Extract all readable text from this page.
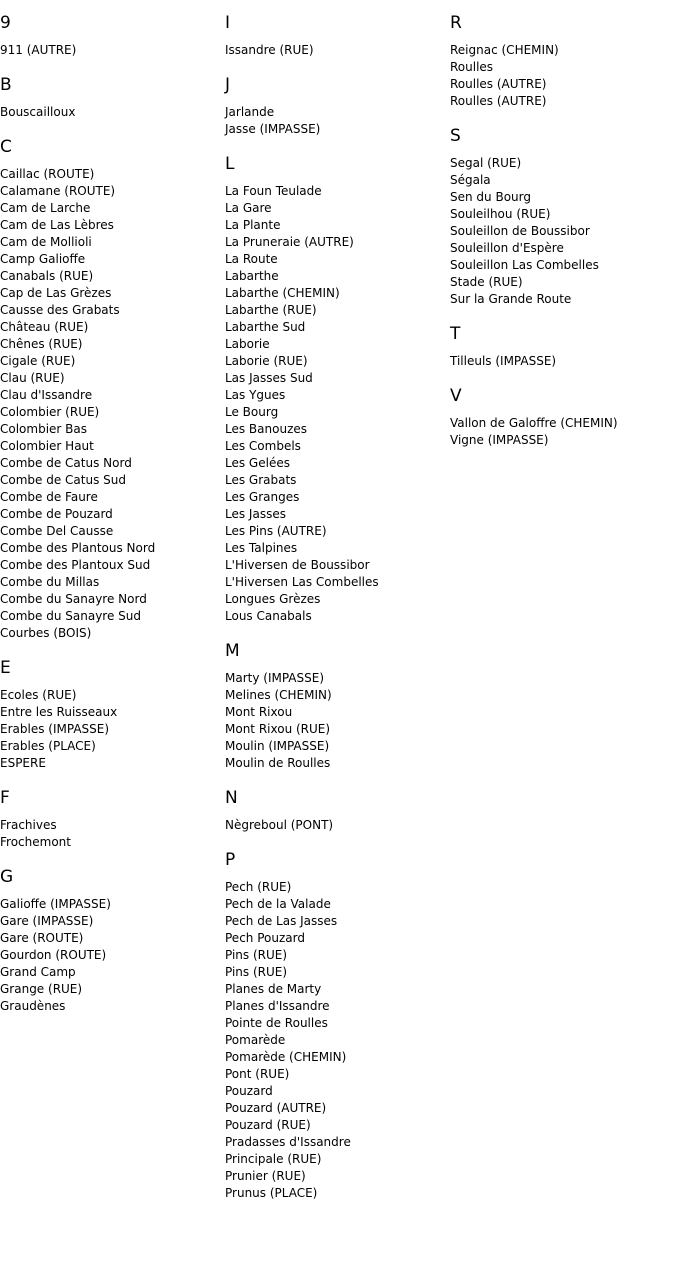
9
911 (AUTRE)
B
Bouscailloux
C
Caillac (ROUTE)
Calamane (ROUTE)
Cam de Larche
Cam de Las Lèbres
Cam de Mollioli
Camp Galioffe
Canabals (RUE)
Cap de Las Grèzes
Causse des Grabats
Château (RUE)
Chênes (RUE)
Cigale (RUE)
Clau (RUE)
Clau d'Issandre
Colombier (RUE)
Colombier Bas
Colombier Haut
Combe de Catus Nord
Combe de Catus Sud
Combe de Faure
Combe de Pouzard
Combe Del Causse
Combe des Plantous Nord
Combe des Plantoux Sud
Combe du Millas
Combe du Sanayre Nord
Combe du Sanayre Sud
Courbes (BOIS)
E
Ecoles (RUE)
Entre les Ruisseaux
Erables (IMPASSE)
Erables (PLACE)
ESPERE
F
Frachives
Frochemont
G
Galioffe (IMPASSE)
Gare (IMPASSE)
Gare (ROUTE)
Gourdon (ROUTE)
Grand Camp
Grange (RUE)
Graudènes
I
Issandre (RUE)
J
Jarlande
Jasse (IMPASSE)
L
La Foun Teulade
La Gare
La Plante
La Pruneraie (AUTRE)
La Route
Labarthe
Labarthe (CHEMIN)
Labarthe (RUE)
Labarthe Sud
Laborie
Laborie (RUE)
Las Jasses Sud
Las Ygues
Le Bourg
Les Banouzes
Les Combels
Les Gelées
Les Grabats
Les Granges
Les Jasses
Les Pins (AUTRE)
Les Talpines
L'Hiversen de Boussibor
L'Hiversen Las Combelles
Longues Grèzes
Lous Canabals
M
Marty (IMPASSE)
Melines (CHEMIN)
Mont Rixou
Mont Rixou (RUE)
Moulin (IMPASSE)
Moulin de Roulles
N
Nègreboul (PONT)
P
Pech (RUE)
Pech de la Valade
Pech de Las Jasses
Pech Pouzard
Pins (RUE)
Pins (RUE)
Planes de Marty
Planes d'Issandre
Pointe de Roulles
Pomarède
Pomarède (CHEMIN)
Pont (RUE)
Pouzard
Pouzard (AUTRE)
Pouzard (RUE)
Pradasses d'Issandre
Principale (RUE)
Prunier (RUE)
Prunus (PLACE)
R
Reignac (CHEMIN)
Roulles
Roulles (AUTRE)
Roulles (AUTRE)
S
Segal (RUE)
Ségala
Sen du Bourg
Souleilhou (RUE)
Souleillon de Boussibor
Souleillon d'Espère
Souleillon Las Combelles
Stade (RUE)
Sur la Grande Route
T
Tilleuls (IMPASSE)
V
Vallon de Galoffre (CHEMIN)
Vigne (IMPASSE)
